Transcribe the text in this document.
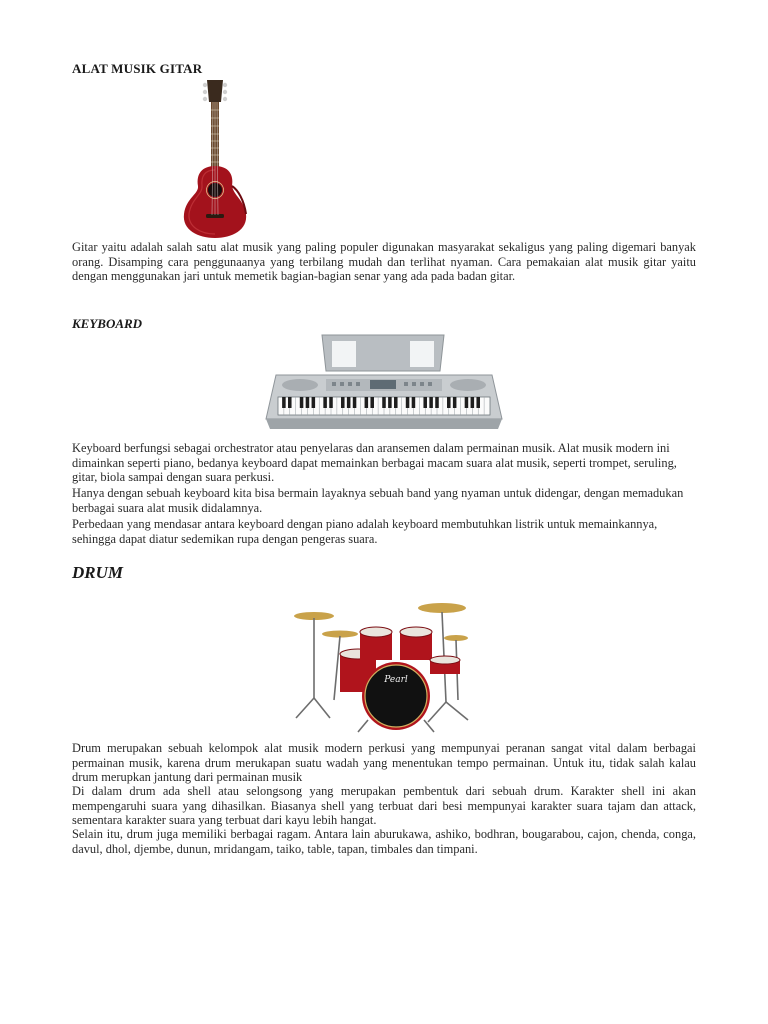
ALAT MUSIK GITAR

Gitar yaitu adalah salah satu alat musik yang paling populer digunakan masyarakat sekaligus yang paling digemari banyak orang. Disamping cara penggunaanya yang terbilang mudah dan terlihat nyaman. Cara pemakaian alat musik gitar yaitu dengan menggunakan jari untuk memetik bagian-bagian senar yang ada pada badan gitar.

KEYBOARD

Keyboard berfungsi sebagai orchestrator atau penyelaras dan aransemen dalam permainan musik. Alat musik modern ini dimainkan seperti piano, bedanya keyboard dapat memainkan berbagai macam suara alat musik, seperti trompet, seruling, gitar, biola sampai dengan suara perkusi.

Hanya dengan sebuah keyboard kita bisa bermain layaknya sebuah band yang nyaman untuk didengar, dengan memadukan berbagai suara alat musik didalamnya.

Perbedaan yang mendasar antara keyboard dengan piano adalah keyboard membutuhkan listrik untuk memainkannya, sehingga dapat diatur sedemikan rupa dengan pengeras suara.

DRUM
Pearl

Drum merupakan sebuah kelompok alat musik modern perkusi yang mempunyai peranan sangat vital dalam berbagai permainan musik, karena drum merukapan suatu wadah yang menentukan tempo permainan. Untuk itu, tidak salah kalau drum merupkan jantung dari permainan musik

Di dalam drum ada shell atau selongsong yang merupakan pembentuk dari sebuah drum. Karakter shell ini akan mempengaruhi suara yang dihasilkan. Biasanya shell yang terbuat dari besi mempunyai karakter suara tajam dan attack, sementara karakter suara yang terbuat dari kayu lebih hangat.

Selain itu, drum juga memiliki berbagai ragam. Antara lain aburukawa, ashiko, bodhran, bougarabou, cajon, chenda, conga, davul, dhol, djembe, dunun, mridangam, taiko, table, tapan, timbales dan timpani.
